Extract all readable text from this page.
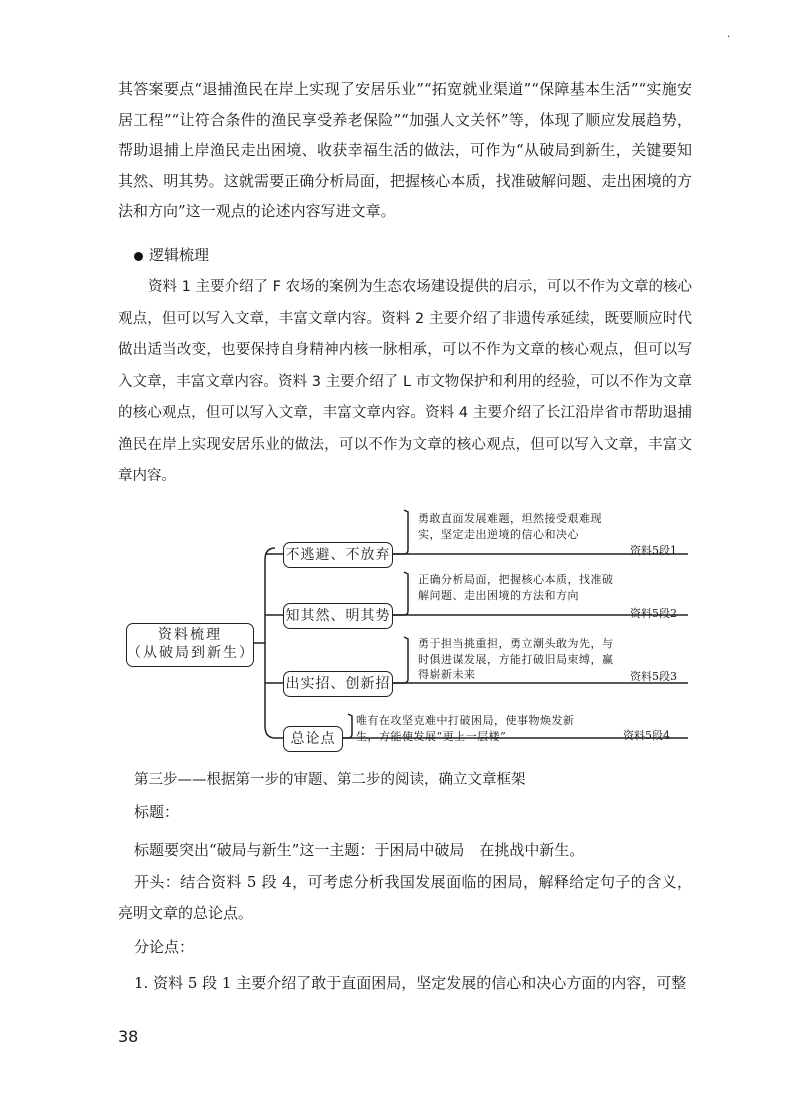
·

其答案要点“退捕渔民在岸上实现了安居乐业”“拓宽就业渠道”“保障基本生活”“实施安居工程”“让符合条件的渔民享受养老保险”“加强人文关怀”等，体现了顺应发展趋势，帮助退捕上岸渔民走出困境、收获幸福生活的做法，可作为“从破局到新生，关键要知其然、明其势。这就需要正确分析局面，把握核心本质，找准破解问题、走出困境的方法和方向”这一观点的论述内容写进文章。

逻辑梳理

资料 1 主要介绍了 F 农场的案例为生态农场建设提供的启示，可以不作为文章的核心观点，但可以写入文章，丰富文章内容。资料 2 主要介绍了非遗传承延续，既要顺应时代做出适当改变，也要保持自身精神内核一脉相承，可以不作为文章的核心观点，但可以写入文章，丰富文章内容。资料 3 主要介绍了 L 市文物保护和利用的经验，可以不作为文章的核心观点，但可以写入文章，丰富文章内容。资料 4 主要介绍了长江沿岸省市帮助退捕渔民在岸上实现安居乐业的做法，可以不作为文章的核心观点，但可以写入文章，丰富文章内容。

资料梳理
（从破局到新生）
不逃避、不放弃
知其然、明其势
出实招、创新招
总论点
勇敢直面发展难题，坦然接受艰难现实，坚定走出逆境的信心和决心
正确分析局面，把握核心本质，找准破解问题、走出困境的方法和方向
勇于担当挑重担，勇立潮头敢为先，与时俱进谋发展，方能打破旧局束缚，赢得崭新未来
唯有在攻坚克难中打破困局，使事物焕发新生，方能使发展“更上一层楼”
资料5段1
资料5段2
资料5段3
资料5段4
第三步——根据第一步的审题、第二步的阅读，确立文章框架
标题：
标题要突出“破局与新生”这一主题：于困局中破局　在挑战中新生。

开头：结合资料 5 段 4，可考虑分析我国发展面临的困局，解释给定句子的含义，亮明文章的总论点。

分论点：
1. 资料 5 段 1 主要介绍了敢于直面困局，坚定发展的信心和决心方面的内容，可整
38
